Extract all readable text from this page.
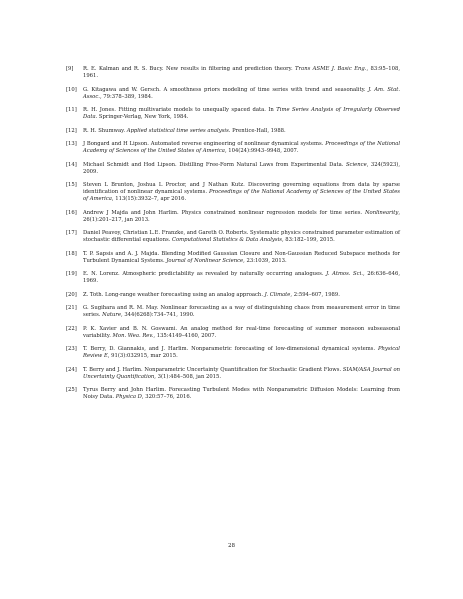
[9]	R. E. Kalman and R. S. Bucy. New results in filtering and prediction theory. Trans ASME J. Basic Eng., 83:95–108, 1961.
[10]	G. Kitagawa and W. Gersch. A smoothness priors modeling of time series with trend and seasonality. J. Am. Stat. Assoc., 79:378–389, 1984.
[11]	R. H. Jones. Fitting multivariate models to unequally spaced data. In Time Series Analysis of Irregularly Observed Data. Springer-Verlag, New York, 1984.
[12]	R. H. Shumway. Applied statistical time series analysis. Prentice-Hall, 1988.
[13]	J Bongard and H Lipson. Automated reverse engineering of nonlinear dynamical systems. Proceedings of the National Academy of Sciences of the United States of America, 104(24):9943–9948, 2007.
[14]	Michael Schmidt and Hod Lipson. Distilling Free-Form Natural Laws from Experimental Data. Science, 324(5923), 2009.
[15]	Steven L Brunton, Joshua L Proctor, and J Nathan Kutz. Discovering governing equations from data by sparse identification of nonlinear dynamical systems. Proceedings of the National Academy of Sciences of the United States of America, 113(15):3932–7, apr 2016.
[16]	Andrew J Majda and John Harlim. Physics constrained nonlinear regression models for time series. Nonlinearity, 26(1):201–217, jan 2013.
[17]	Daniel Peavoy, Christian L.E. Franzke, and Gareth O. Roberts. Systematic physics constrained parameter estimation of stochastic differential equations. Computational Statistics & Data Analysis, 83:182–199, 2015.
[18]	T. P. Sapsis and A. J. Majda. Blending Modified Gaussian Closure and Non-Gaussian Reduced Subspace methods for Turbulent Dynamical Systems. Journal of Nonlinear Science, 23:1039, 2013.
[19]	E. N. Lorenz. Atmospheric predictability as revealed by naturally occurring analogues. J. Atmos. Sci., 26:636–646, 1969.
[20]	Z. Toth. Long-range weather forecasting using an analog approach. J. Climate, 2:594–607, 1989.
[21]	G. Sugihara and R. M. May. Nonlinear forecasting as a way of distinguishing chaos from measurement error in time series. Nature, 344(6268):734–741, 1990.
[22]	P. K. Xavier and B. N. Goswami. An analog method for real-time forecasting of summer monsoon subseasonal variability. Mon. Wea. Rev., 135:4149–4160, 2007.
[23]	T. Berry, D. Giannakis, and J. Harlim. Nonparametric forecasting of low-dimensional dynamical systems. Physical Review E, 91(3):032915, mar 2015.
[24]	T. Berry and J. Harlim. Nonparametric Uncertainty Quantification for Stochastic Gradient Flows. SIAM/ASA Journal on Uncertainty Quantification, 3(1):484–508, jan 2015.
[25]	Tyrus Berry and John Harlim. Forecasting Turbulent Modes with Nonparametric Diffusion Models: Learning from Noisy Data. Physica D, 320:57–76, 2016.
28
